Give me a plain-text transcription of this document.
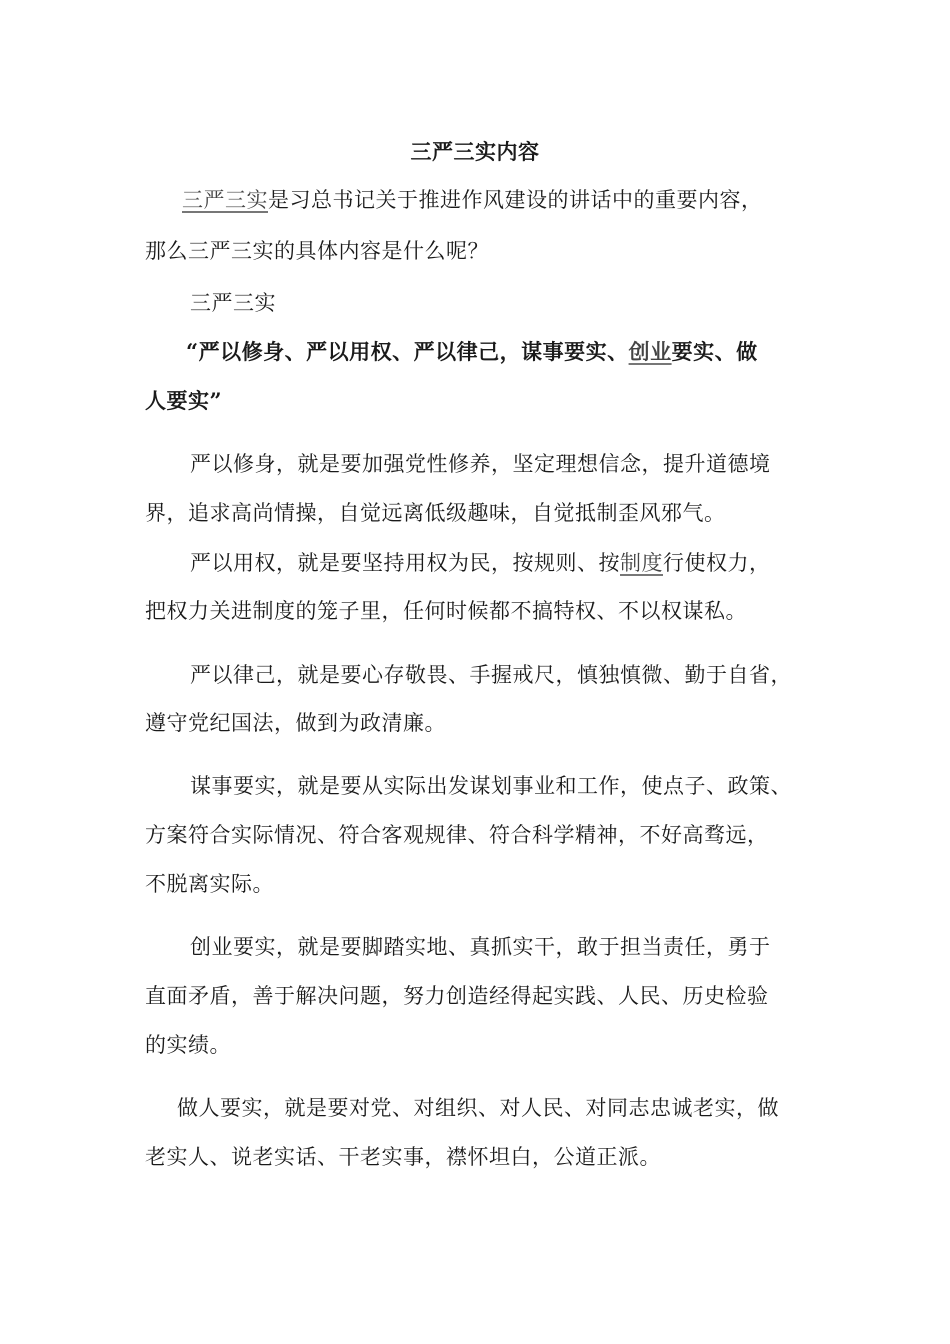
三严三实内容
三严三实是习总书记关于推进作风建设的讲话中的重要内容，
那么三严三实的具体内容是什么呢？
三严三实
“严以修身、严以用权、严以律己，谋事要实、创业要实、做
人要实”
严以修身，就是要加强党性修养，坚定理想信念，提升道德境
界，追求高尚情操，自觉远离低级趣味，自觉抵制歪风邪气。
严以用权，就是要坚持用权为民，按规则、按制度行使权力，
把权力关进制度的笼子里，任何时候都不搞特权、不以权谋私。
严以律己，就是要心存敬畏、手握戒尺，慎独慎微、勤于自省，
遵守党纪国法，做到为政清廉。
谋事要实，就是要从实际出发谋划事业和工作，使点子、政策、
方案符合实际情况、符合客观规律、符合科学精神，不好高骛远，
不脱离实际。
创业要实，就是要脚踏实地、真抓实干，敢于担当责任，勇于
直面矛盾，善于解决问题，努力创造经得起实践、人民、历史检验
的实绩。
做人要实，就是要对党、对组织、对人民、对同志忠诚老实，做
老实人、说老实话、干老实事，襟怀坦白，公道正派。
